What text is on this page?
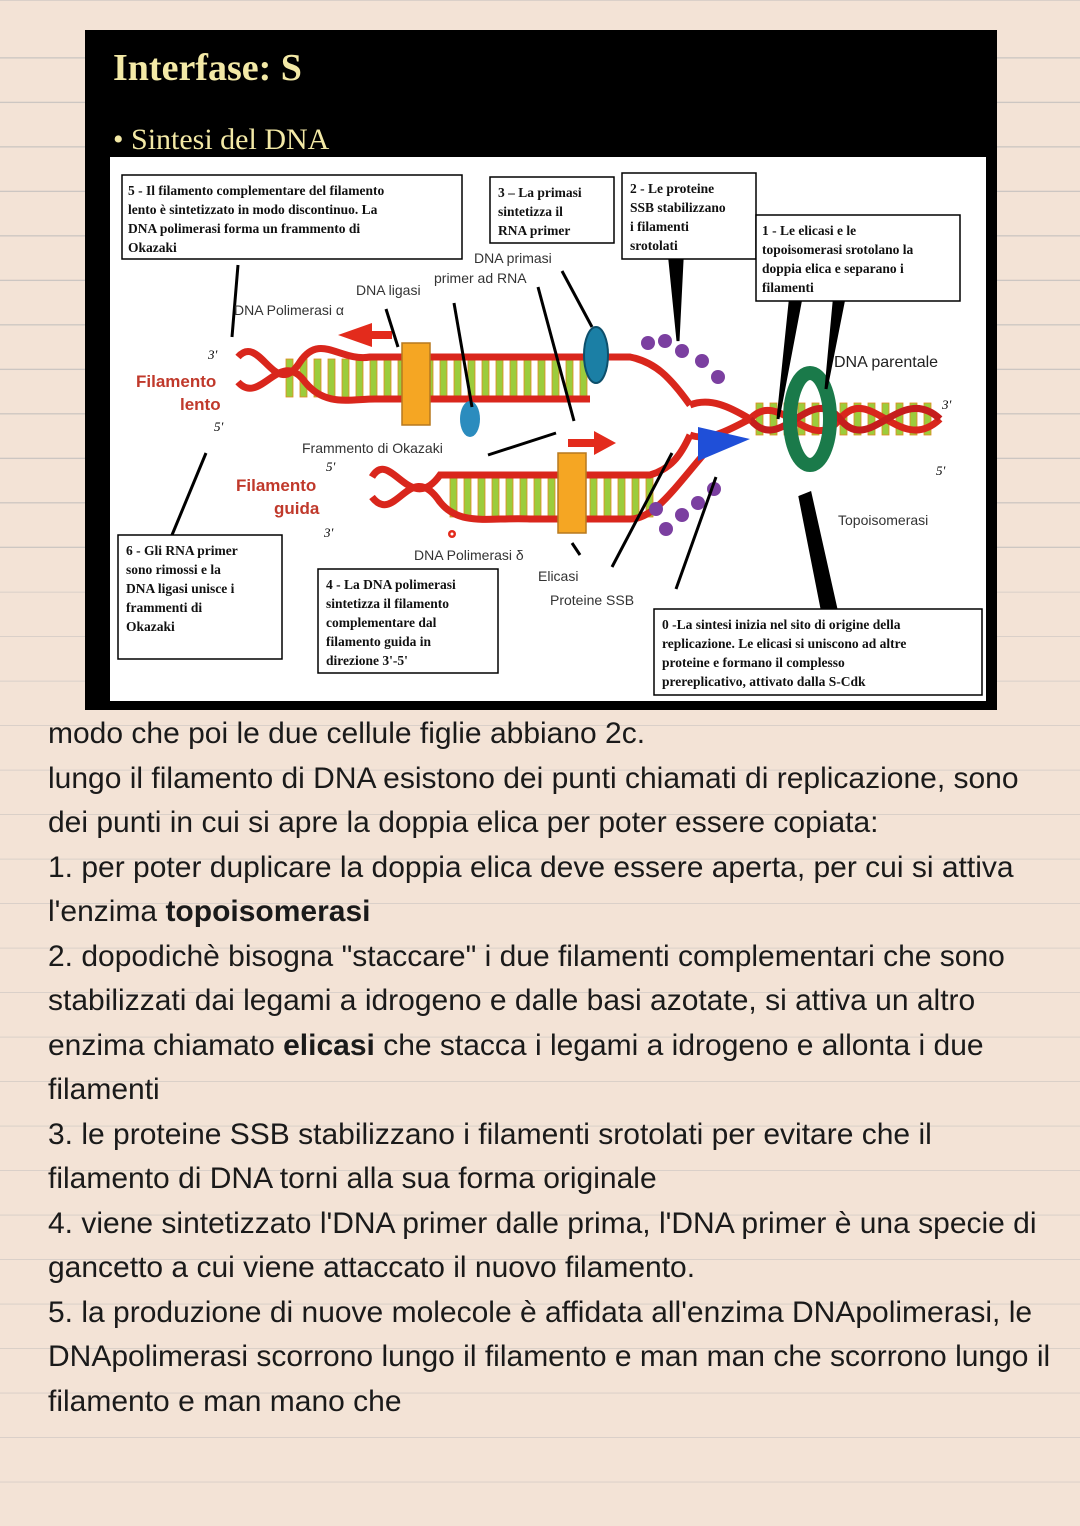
Interfase: S
• Sintesi del DNA
5 - Il filamento complementare del filamento
lento è sintetizzato in modo discontinuo. La
DNA polimerasi forma un frammento di
Okazaki
3 – La primasi
sintetizza il
RNA primer
2 - Le proteine
SSB stabilizzano
i filamenti
srotolati
1 - Le elicasi e le
topoisomerasi srotolano la
doppia elica e separano i
filamenti
6 - Gli RNA primer
sono rimossi e la
DNA ligasi unisce i
frammenti di
Okazaki
4 - La DNA polimerasi
sintetizza il filamento
complementare dal
filamento guida in
direzione 3'-5'
0 -La sintesi inizia nel sito di origine della
replicazione. Le elicasi si uniscono ad altre
proteine e formano il complesso
prereplicativo, attivato dalla S-Cdk
DNA primasi
primer ad RNA
DNA ligasi
DNA Polimerasi α
DNA parentale
3'
Filamento
lento
5'
3'
Frammento di Okazaki
5'	5'
Filamento
guida
3'
Topoisomerasi
DNA Polimerasi δ
Elicasi
Proteine SSB

modo che poi le due cellule figlie abbiano 2c.

lungo il filamento di DNA esistono dei punti chiamati di replicazione, sono dei punti in cui si apre la doppia elica per poter essere copiata:

1. per poter duplicare la doppia elica deve essere aperta, per cui si attiva l'enzima topoisomerasi

2. dopodichè bisogna "staccare" i due filamenti complementari che sono stabilizzati dai legami a idrogeno e dalle basi azotate, si attiva un altro enzima chiamato elicasi che stacca i legami a idrogeno e allonta i due filamenti

3. le proteine SSB stabilizzano i filamenti srotolati per evitare che il filamento di DNA torni alla sua forma originale

4. viene sintetizzato l'DNA primer dalle prima, l'DNA primer è una specie di gancetto a cui viene attaccato il nuovo filamento.

5. la produzione di nuove molecole è affidata all'enzima DNApolimerasi, le DNApolimerasi scorrono lungo il filamento e man man che scorrono lungo il filamento e man mano che
